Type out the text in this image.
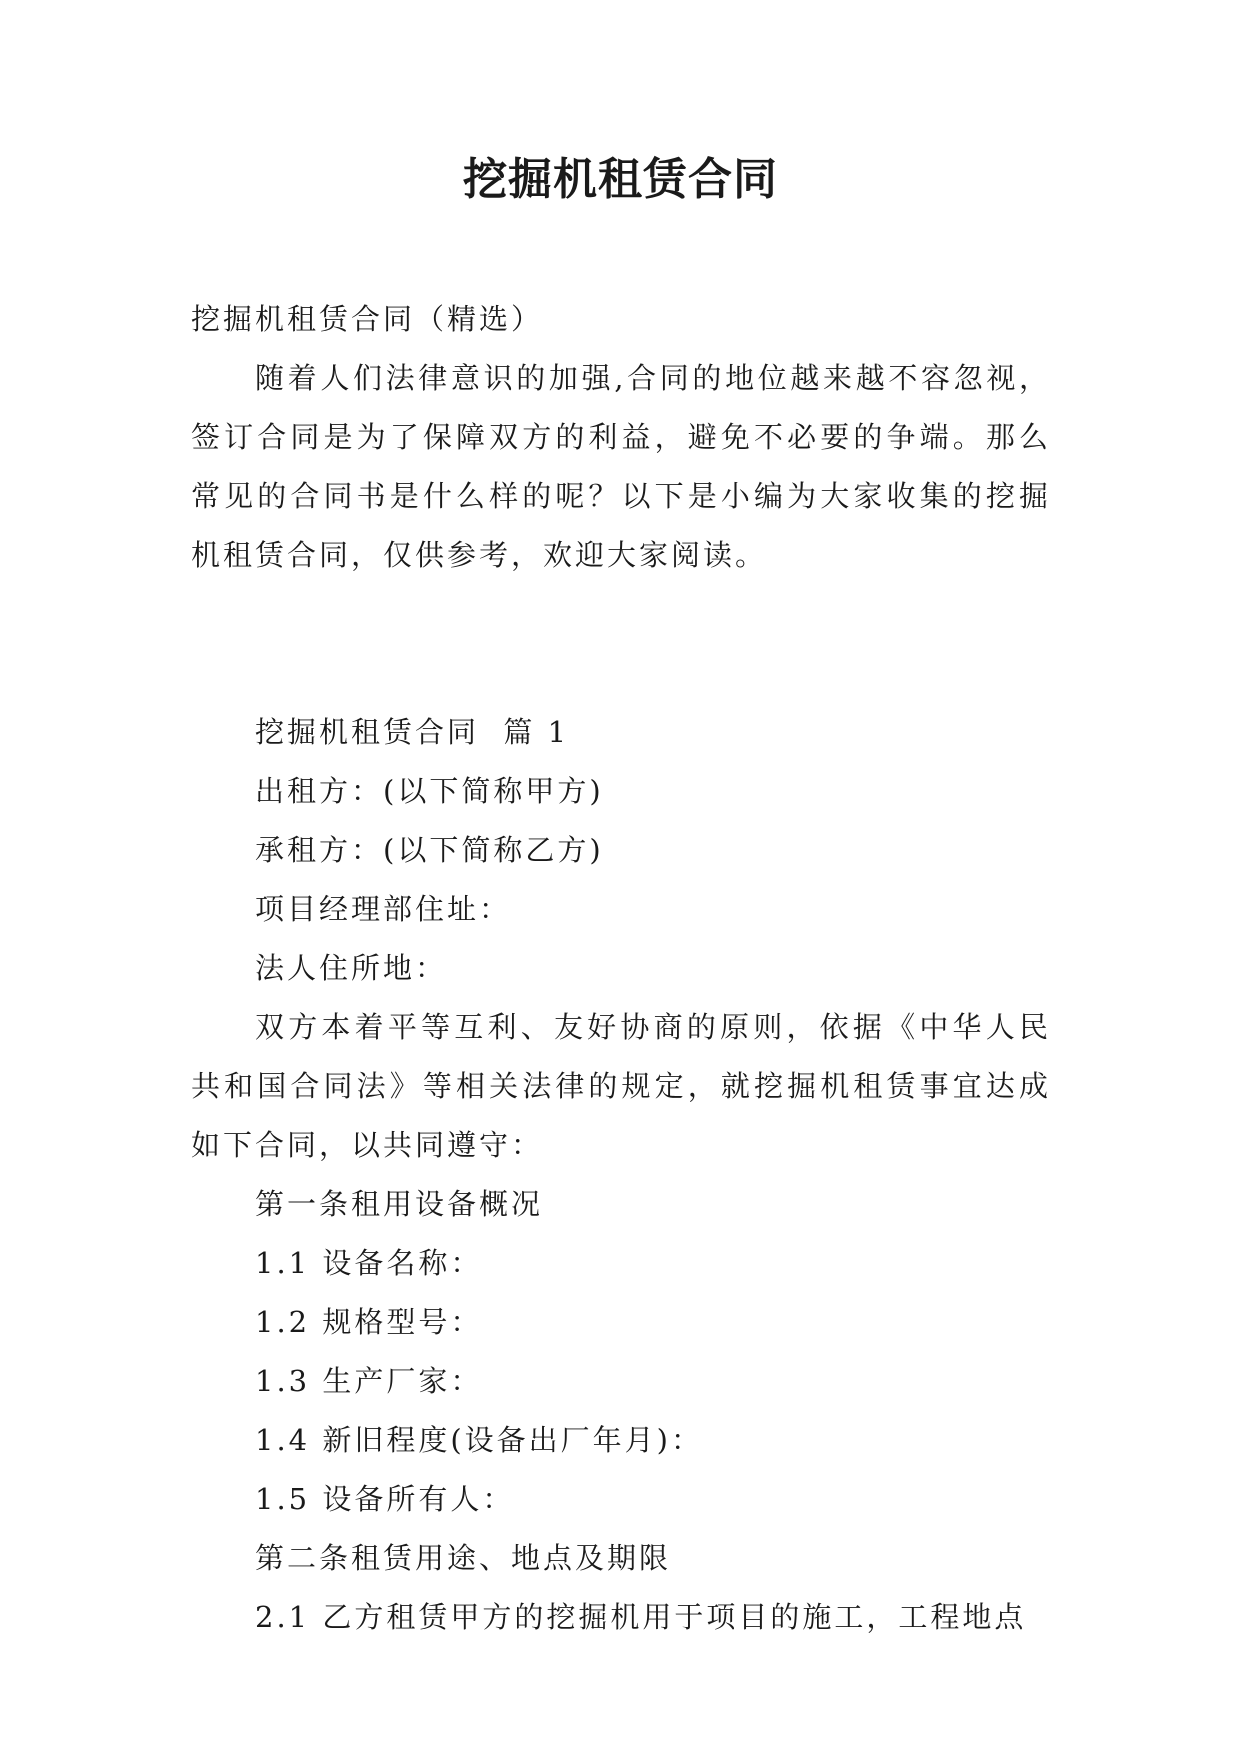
挖掘机租赁合同

挖掘机租赁合同（精选）

随着人们法律意识的加强,合同的地位越来越不容忽视，签订合同是为了保障双方的利益，避免不必要的争端。那么常见的合同书是什么样的呢？以下是小编为大家收集的挖掘机租赁合同，仅供参考，欢迎大家阅读。

挖掘机租赁合同  篇 1

出租方：(以下简称甲方)

承租方：(以下简称乙方)

项目经理部住址：

法人住所地：

双方本着平等互利、友好协商的原则，依据《中华人民共和国合同法》等相关法律的规定，就挖掘机租赁事宜达成如下合同，以共同遵守：

第一条租用设备概况

1.1 设备名称：

1.2 规格型号：

1.3 生产厂家：

1.4 新旧程度(设备出厂年月)：

1.5 设备所有人：

第二条租赁用途、地点及期限

2.1 乙方租赁甲方的挖掘机用于项目的施工，工程地点
